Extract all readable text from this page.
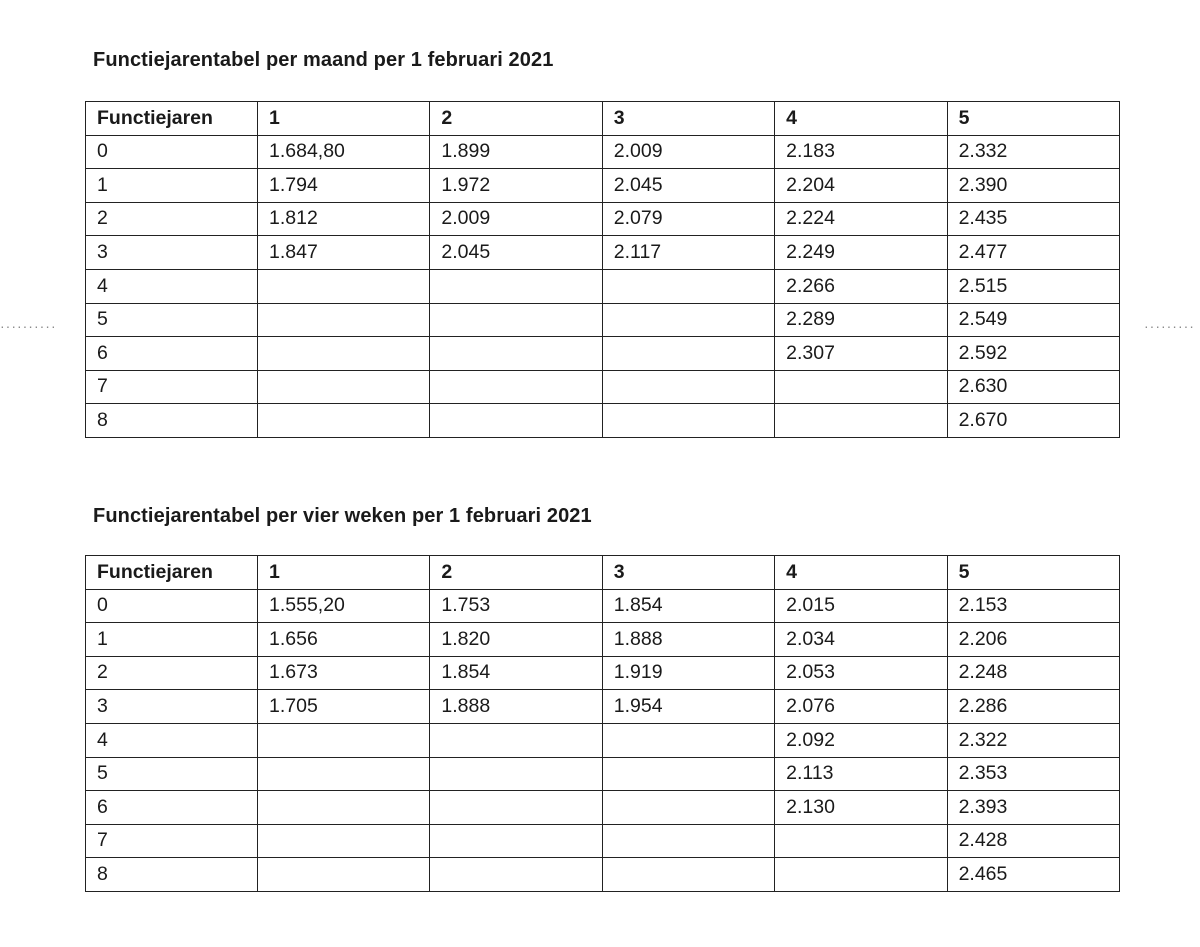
Functiejarentabel per maand per 1 februari 2021
Functiejaren	1	2	3	4	5
0	1.684,80	1.899	2.009	2.183	2.332
1	1.794	1.972	2.045	2.204	2.390
2	1.812	2.009	2.079	2.224	2.435
3	1.847	2.045	2.117	2.249	2.477
4				2.266	2.515
5				2.289	2.549
6				2.307	2.592
7					2.630
8					2.670
··········	·········
Functiejarentabel per vier weken per 1 februari 2021
Functiejaren	1	2	3	4	5
0	1.555,20	1.753	1.854	2.015	2.153
1	1.656	1.820	1.888	2.034	2.206
2	1.673	1.854	1.919	2.053	2.248
3	1.705	1.888	1.954	2.076	2.286
4				2.092	2.322
5				2.113	2.353
6				2.130	2.393
7					2.428
8					2.465
